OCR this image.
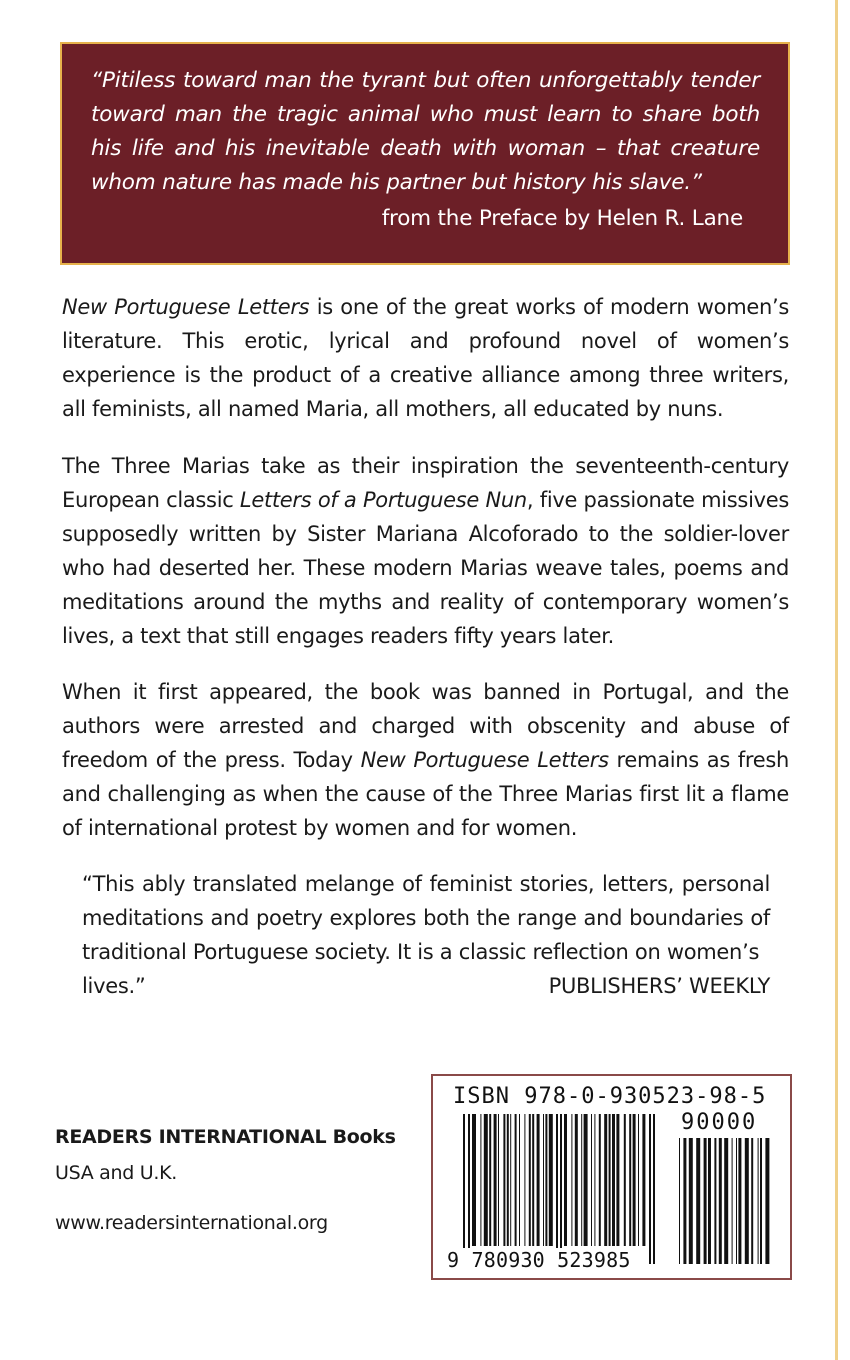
“Pitiless toward man the tyrant but often unforgettably tender toward man the tragic animal who must learn to share both his life and his inevitable death with woman – that creature whom nature has made his partner but history his slave.”

from the Preface by Helen R. Lane

New Portuguese Letters is one of the great works of modern women’s literature. This erotic, lyrical and profound novel of women’s experience is the product of a creative alliance among three writers, all feminists, all named Maria, all mothers, all educated by nuns.

The Three Marias take as their inspiration the seventeenth-century European classic Letters of a Portuguese Nun, five passionate missives supposedly written by Sister Mariana Alcoforado to the soldier-lover who had deserted her. These modern Marias weave tales, poems and meditations around the myths and reality of contemporary women’s lives, a text that still engages readers fifty years later.

When it first appeared, the book was banned in Portugal, and the authors were arrested and charged with obscenity and abuse of freedom of the press. Today New Portuguese Letters remains as fresh and challenging as when the cause of the Three Marias first lit a flame of international protest by women and for women.

“This ably translated melange of feminist stories, letters, personal meditations and poetry explores both the range and boundaries of traditional Portuguese society. It is a classic reflection on women’s
lives.”	PUBLISHERS’ WEEKLY
READERS INTERNATIONAL Books
USA and U.K.
www.readersinternational.org
ISBN 978-0-930523-98-5
90000
9 780930 523985
